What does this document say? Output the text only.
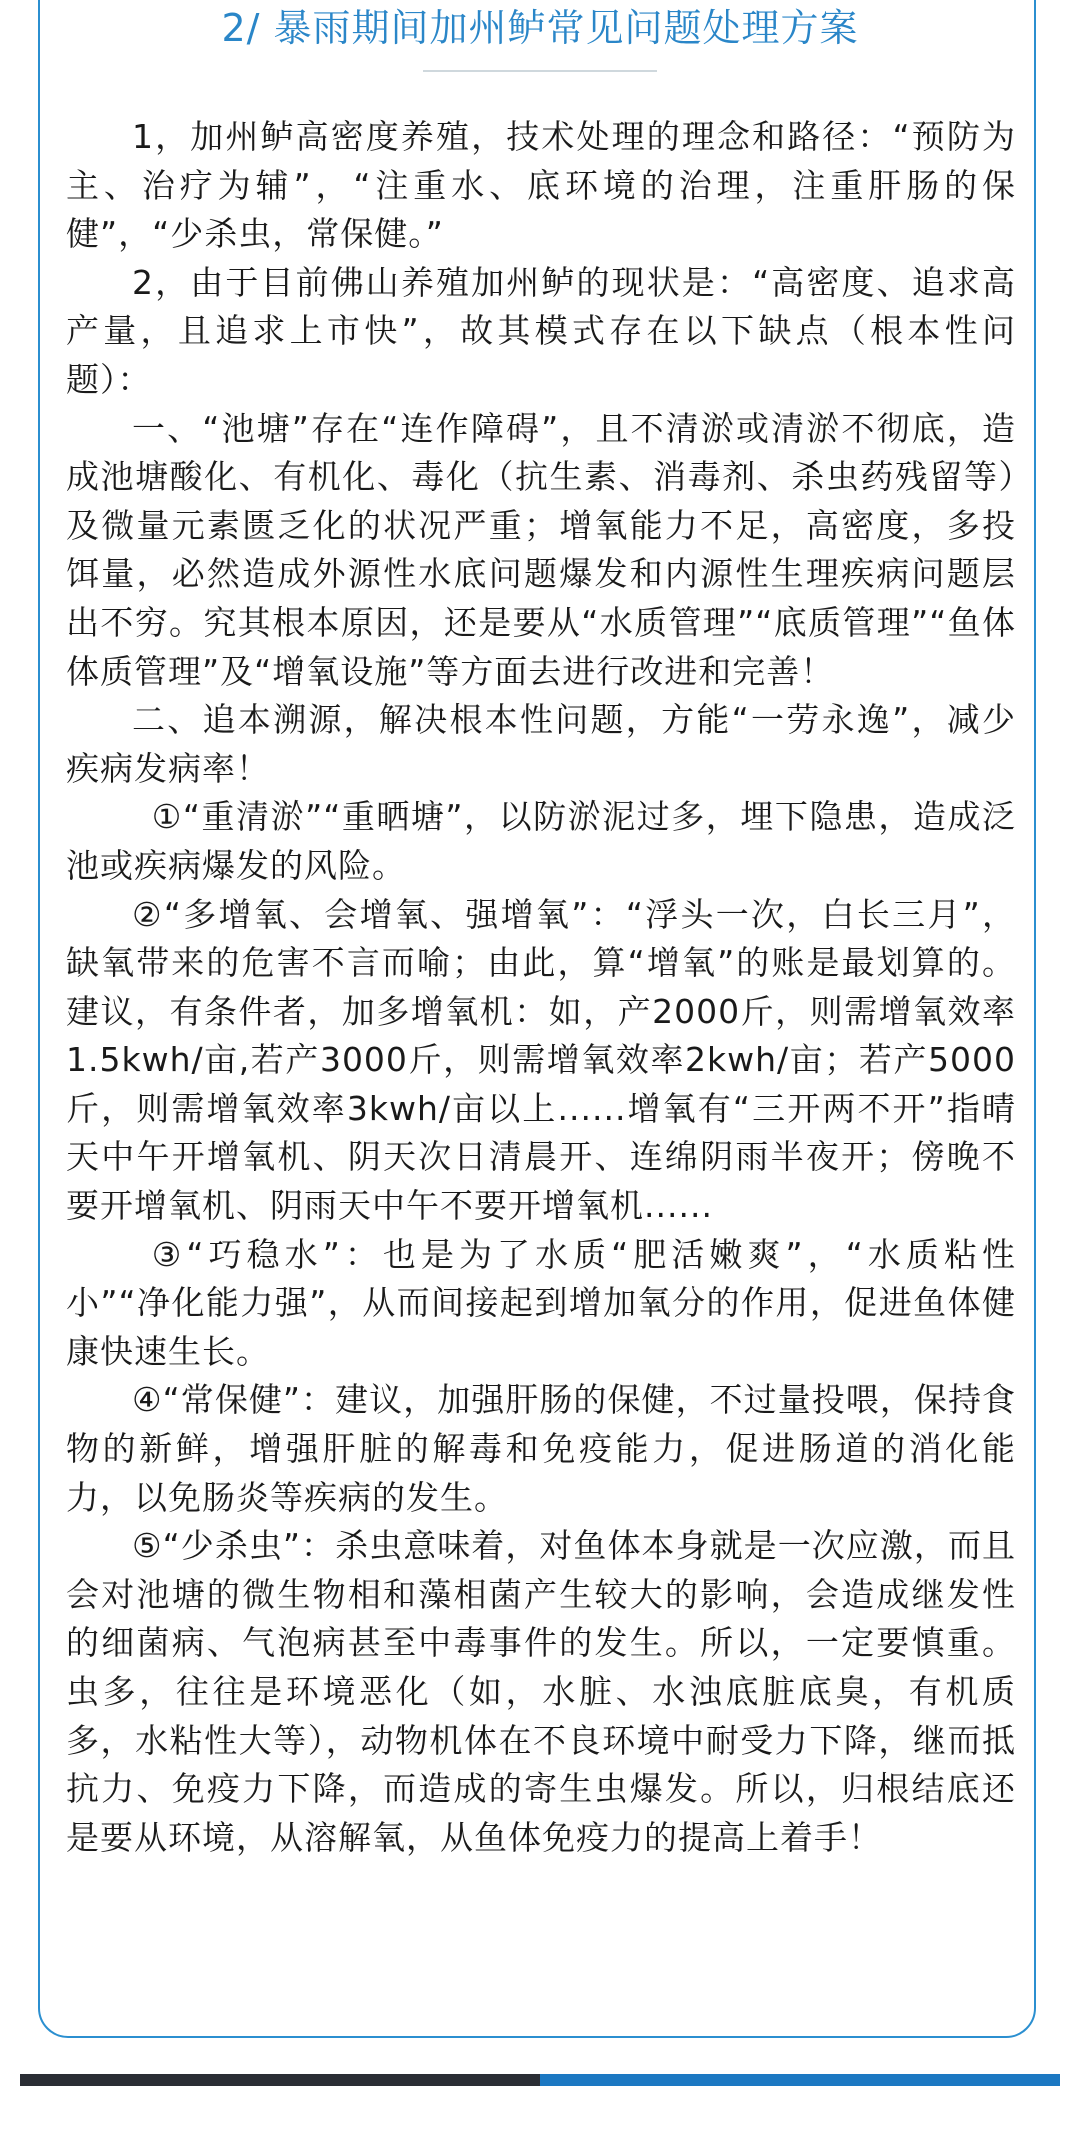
2/ 暴雨期间加州鲈常见问题处理方案

1，加州鲈高密度养殖，技术处理的理念和路径：“预防为主、治疗为辅”，“注重水、底环境的治理，注重肝肠的保健”，“少杀虫，常保健。”

2，由于目前佛山养殖加州鲈的现状是：“高密度、追求高产量，且追求上市快”，故其模式存在以下缺点（根本性问题）：

一、“池塘”存在“连作障碍”，且不清淤或清淤不彻底，造成池塘酸化、有机化、毒化（抗生素、消毒剂、杀虫药残留等）及微量元素匮乏化的状况严重；增氧能力不足，高密度，多投饵量，必然造成外源性水底问题爆发和内源性生理疾病问题层出不穷。究其根本原因，还是要从“水质管理”“底质管理”“鱼体体质管理”及“增氧设施”等方面去进行改进和完善！

二、追本溯源，解决根本性问题，方能“一劳永逸”，减少疾病发病率！

①“重清淤”“重晒塘”，以防淤泥过多，埋下隐患，造成泛池或疾病爆发的风险。

②“多增氧、会增氧、强增氧”：“浮头一次，白长三月”，缺氧带来的危害不言而喻；由此，算“增氧”的账是最划算的。建议，有条件者，加多增氧机：如，产2000斤，则需增氧效率1.5kwh/亩,若产3000斤，则需增氧效率2kwh/亩；若产5000斤，则需增氧效率3kwh/亩以上......增氧有“三开两不开”指晴天中午开增氧机、阴天次日清晨开、连绵阴雨半夜开；傍晚不要开增氧机、阴雨天中午不要开增氧机......

③“巧稳水”：也是为了水质“肥活嫩爽”，“水质粘性小”“净化能力强”，从而间接起到增加氧分的作用，促进鱼体健康快速生长。

④“常保健”：建议，加强肝肠的保健，不过量投喂，保持食物的新鲜，增强肝脏的解毒和免疫能力，促进肠道的消化能力，以免肠炎等疾病的发生。

⑤“少杀虫”：杀虫意味着，对鱼体本身就是一次应激，而且会对池塘的微生物相和藻相菌产生较大的影响，会造成继发性的细菌病、气泡病甚至中毒事件的发生。所以，一定要慎重。虫多，往往是环境恶化（如，水脏、水浊底脏底臭，有机质多，水粘性大等），动物机体在不良环境中耐受力下降，继而抵抗力、免疫力下降，而造成的寄生虫爆发。所以，归根结底还是要从环境，从溶解氧，从鱼体免疫力的提高上着手！
